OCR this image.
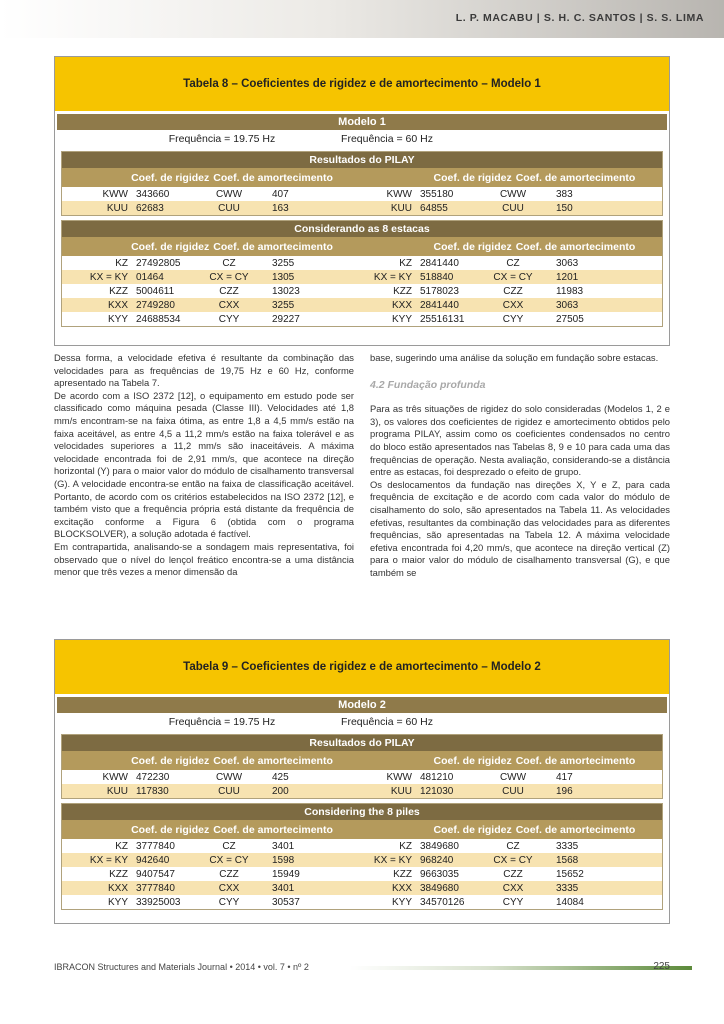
L. P. MACABU | S. H. C. SANTOS | S. S. LIMA
Tabela 8 – Coeficientes de rigidez e de amortecimento – Modelo 1
Modelo 1
Frequência = 19.75 Hz	Frequência = 60 Hz
Resultados do PILAY
Coef. de rigidez Coef. de amortecimento	Coef. de rigidez Coef. de amortecimento
KWW 343660	CWW	407	KWW 355180	CWW	383
KUU 62683	CUU	163	KUU 64855	CUU	150
Considerando as 8 estacas
Coef. de rigidez Coef. de amortecimento	Coef. de rigidez Coef. de amortecimento
KZ 27492805	CZ	3255	KZ 2841440	CZ	3063
KX = KY 01464	CX = CY	1305	KX = KY 518840	CX = CY	1201
KZZ 5004611	CZZ	13023	KZZ 5178023	CZZ	11983
KXX 2749280	CXX	3255	KXX 2841440	CXX	3063
KYY 24688534	CYY	29227	KYY 25516131	CYY	27505

Dessa forma, a velocidade efetiva é resultante da combinação das velocidades para as frequências de 19,75 Hz e 60 Hz, conforme apresentado na Tabela 7.

De acordo com a ISO 2372 [12], o equipamento em estudo pode ser classificado como máquina pesada (Classe III). Velocidades até 1,8 mm/s encontram-se na faixa ótima, as entre 1,8 a 4,5 mm/s estão na faixa aceitável, as entre 4,5 a 11,2 mm/s estão na faixa tolerável e as velocidades superiores a 11,2 mm/s são inaceitáveis. A máxima velocidade encontrada foi de 2,91 mm/s, que acontece na direção horizontal (Y) para o maior valor do módulo de cisalhamento transversal (G). A velocidade encontra-se então na faixa de classificação aceitável. Portanto, de acordo com os critérios estabelecidos na ISO 2372 [12], e também visto que a frequência própria está distante da frequência de excitação conforme a Figura 6 (obtida com o programa BLOCKSOLVER), a solução adotada é factível.

Em contrapartida, analisando-se a sondagem mais representativa, foi observado que o nível do lençol freático encontra-se a uma distância menor que três vezes a menor dimensão da

base, sugerindo uma análise da solução em fundação sobre estacas.

4.2 Fundação profunda

Para as três situações de rigidez do solo consideradas (Modelos 1, 2 e 3), os valores dos coeficientes de rigidez e amortecimento obtidos pelo programa PILAY, assim como os coeficientes condensados no centro do bloco estão apresentados nas Tabelas 8, 9 e 10 para cada uma das frequências de operação. Nesta avaliação, considerando-se a distância entre as estacas, foi desprezado o efeito de grupo.

Os deslocamentos da fundação nas direções X, Y e Z, para cada frequência de excitação e de acordo com cada valor do módulo de cisalhamento do solo, são apresentados na Tabela 11. As velocidades efetivas, resultantes da combinação das velocidades para as diferentes frequências, são apresentadas na Tabela 12. A máxima velocidade efetiva encontrada foi 4,20 mm/s, que acontece na direção vertical (Z) para o maior valor do módulo de cisalhamento transversal (G), e que também se

Tabela 9 – Coeficientes de rigidez e de amortecimento – Modelo 2
Modelo 2
Frequência = 19.75 Hz	Frequência = 60 Hz
Resultados do PILAY
Coef. de rigidez Coef. de amortecimento	Coef. de rigidez Coef. de amortecimento
KWW 472230	CWW	425	KWW 481210	CWW	417
KUU 117830	CUU	200	KUU 121030	CUU	196
Considering the 8 piles
Coef. de rigidez Coef. de amortecimento	Coef. de rigidez Coef. de amortecimento
KZ 3777840	CZ	3401	KZ 3849680	CZ	3335
KX = KY 942640	CX = CY	1598	KX = KY 968240	CX = CY	1568
KZZ 9407547	CZZ	15949	KZZ 9663035	CZZ	15652
KXX 3777840	CXX	3401	KXX 3849680	CXX	3335
KYY 33925003	CYY	30537	KYY 34570126	CYY	14084
IBRACON Structures and Materials Journal • 2014 • vol. 7 • nº 2	225
